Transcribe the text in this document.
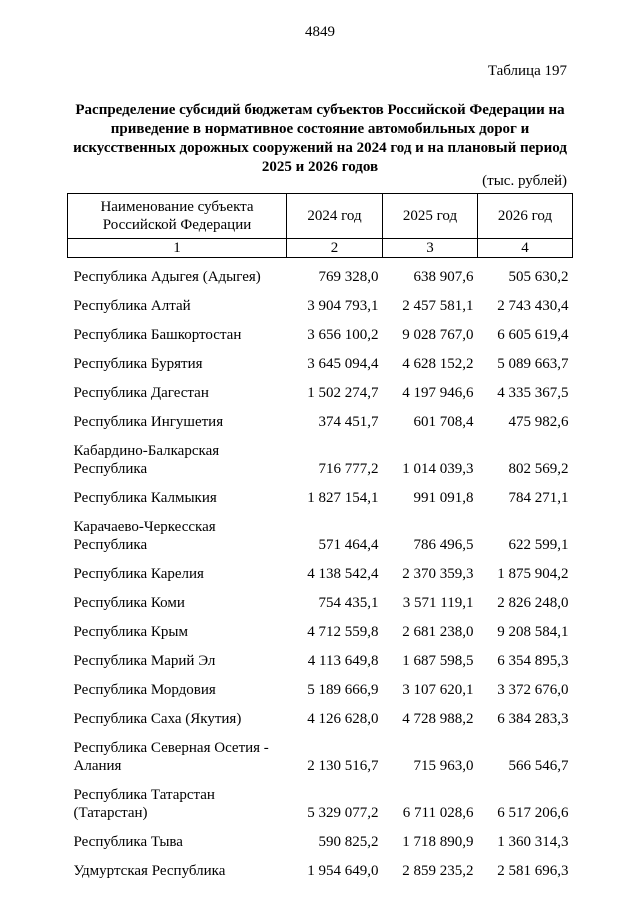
4849
Таблица 197
Распределение субсидий бюджетам субъектов Российской Федерации на приведение в нормативное состояние автомобильных дорог и искусственных дорожных сооружений на 2024 год и на плановый период 2025 и 2026 годов
(тыс. рублей)
Наименование субъекта Российской Федерации	2024 год	2025 год	2026 год
1	2	3	4
Республика Адыгея (Адыгея)	769 328,0	638 907,6	505 630,2
Республика Алтай	3 904 793,1	2 457 581,1	2 743 430,4
Республика Башкортостан	3 656 100,2	9 028 767,0	6 605 619,4
Республика Бурятия	3 645 094,4	4 628 152,2	5 089 663,7
Республика Дагестан	1 502 274,7	4 197 946,6	4 335 367,5
Республика Ингушетия	374 451,7	601 708,4	475 982,6
Кабардино-Балкарская Республика	716 777,2	1 014 039,3	802 569,2
Республика Калмыкия	1 827 154,1	991 091,8	784 271,1
Карачаево-Черкесская Республика	571 464,4	786 496,5	622 599,1
Республика Карелия	4 138 542,4	2 370 359,3	1 875 904,2
Республика Коми	754 435,1	3 571 119,1	2 826 248,0
Республика Крым	4 712 559,8	2 681 238,0	9 208 584,1
Республика Марий Эл	4 113 649,8	1 687 598,5	6 354 895,3
Республика Мордовия	5 189 666,9	3 107 620,1	3 372 676,0
Республика Саха (Якутия)	4 126 628,0	4 728 988,2	6 384 283,3
Республика Северная Осетия - Алания	2 130 516,7	715 963,0	566 546,7
Республика Татарстан (Татарстан)	5 329 077,2	6 711 028,6	6 517 206,6
Республика Тыва	590 825,2	1 718 890,9	1 360 314,3
Удмуртская Республика	1 954 649,0	2 859 235,2	2 581 696,3
